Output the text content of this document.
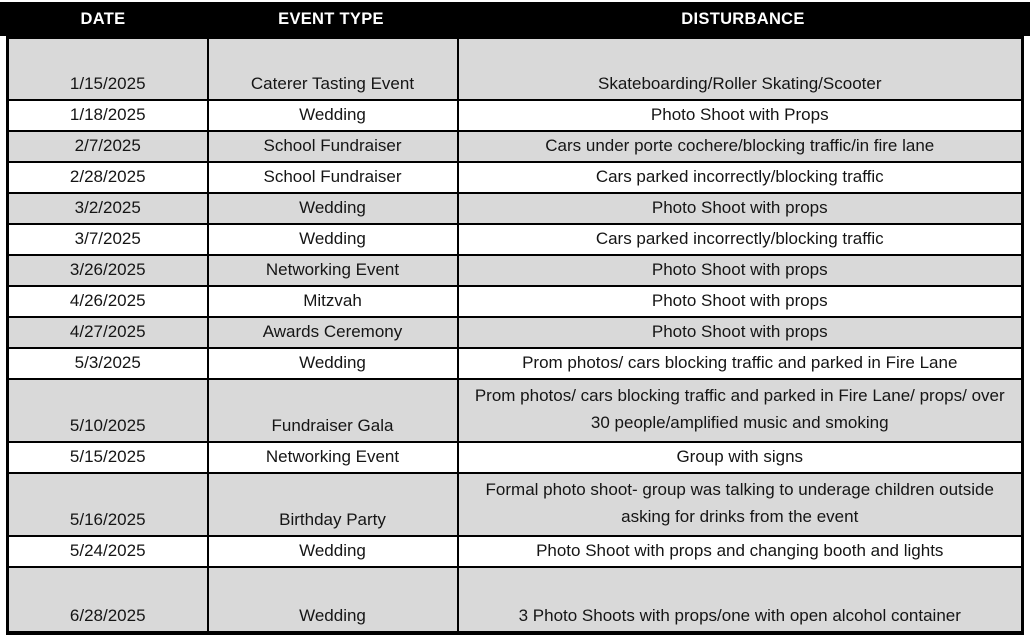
DATE	EVENT TYPE	DISTURBANCE
1/15/2025	Caterer Tasting Event	Skateboarding/Roller Skating/Scooter
1/18/2025	Wedding	Photo Shoot with Props
2/7/2025	School Fundraiser	Cars under porte cochere/blocking traffic/in fire lane
2/28/2025	School Fundraiser	Cars parked incorrectly/blocking traffic
3/2/2025	Wedding	Photo Shoot with props
3/7/2025	Wedding	Cars parked incorrectly/blocking traffic
3/26/2025	Networking Event	Photo Shoot with props
4/26/2025	Mitzvah	Photo Shoot with props
4/27/2025	Awards Ceremony	Photo Shoot with props
5/3/2025	Wedding	Prom photos/ cars blocking traffic and parked in Fire Lane
5/10/2025	Fundraiser Gala	Prom photos/ cars blocking traffic and parked in Fire Lane/ props/ over 30 people/amplified music and smoking
5/15/2025	Networking Event	Group with signs
5/16/2025	Birthday Party	Formal photo shoot- group was talking to underage children outside asking for drinks from the event
5/24/2025	Wedding	Photo Shoot with props and changing booth and lights
6/28/2025	Wedding	3 Photo Shoots with props/one with open alcohol container
